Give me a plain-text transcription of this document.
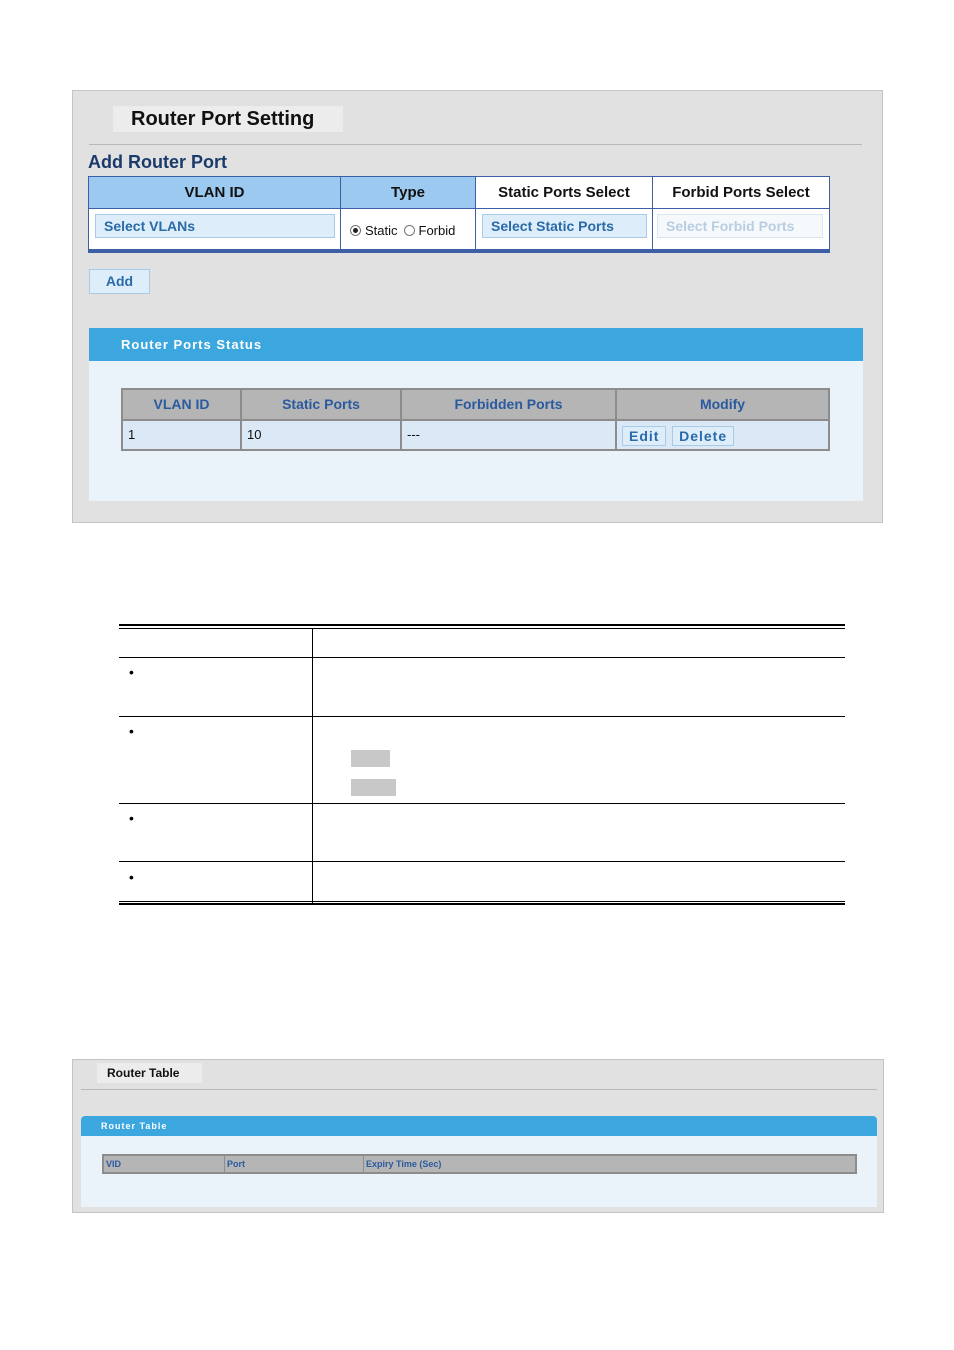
Router Port Setting
Add Router Port
VLAN ID	Type	Static Ports Select	Forbid Ports Select
Select VLANs	Static Forbid	Select Static Ports	Select Forbid Ports
Add
Router Ports Status
VLAN ID	Static Ports	Forbidden Ports	Modify
1	10	---	Edit Delete
•
•
•
•
Router Table
Router Table
VID	Port	Expiry Time (Sec)
